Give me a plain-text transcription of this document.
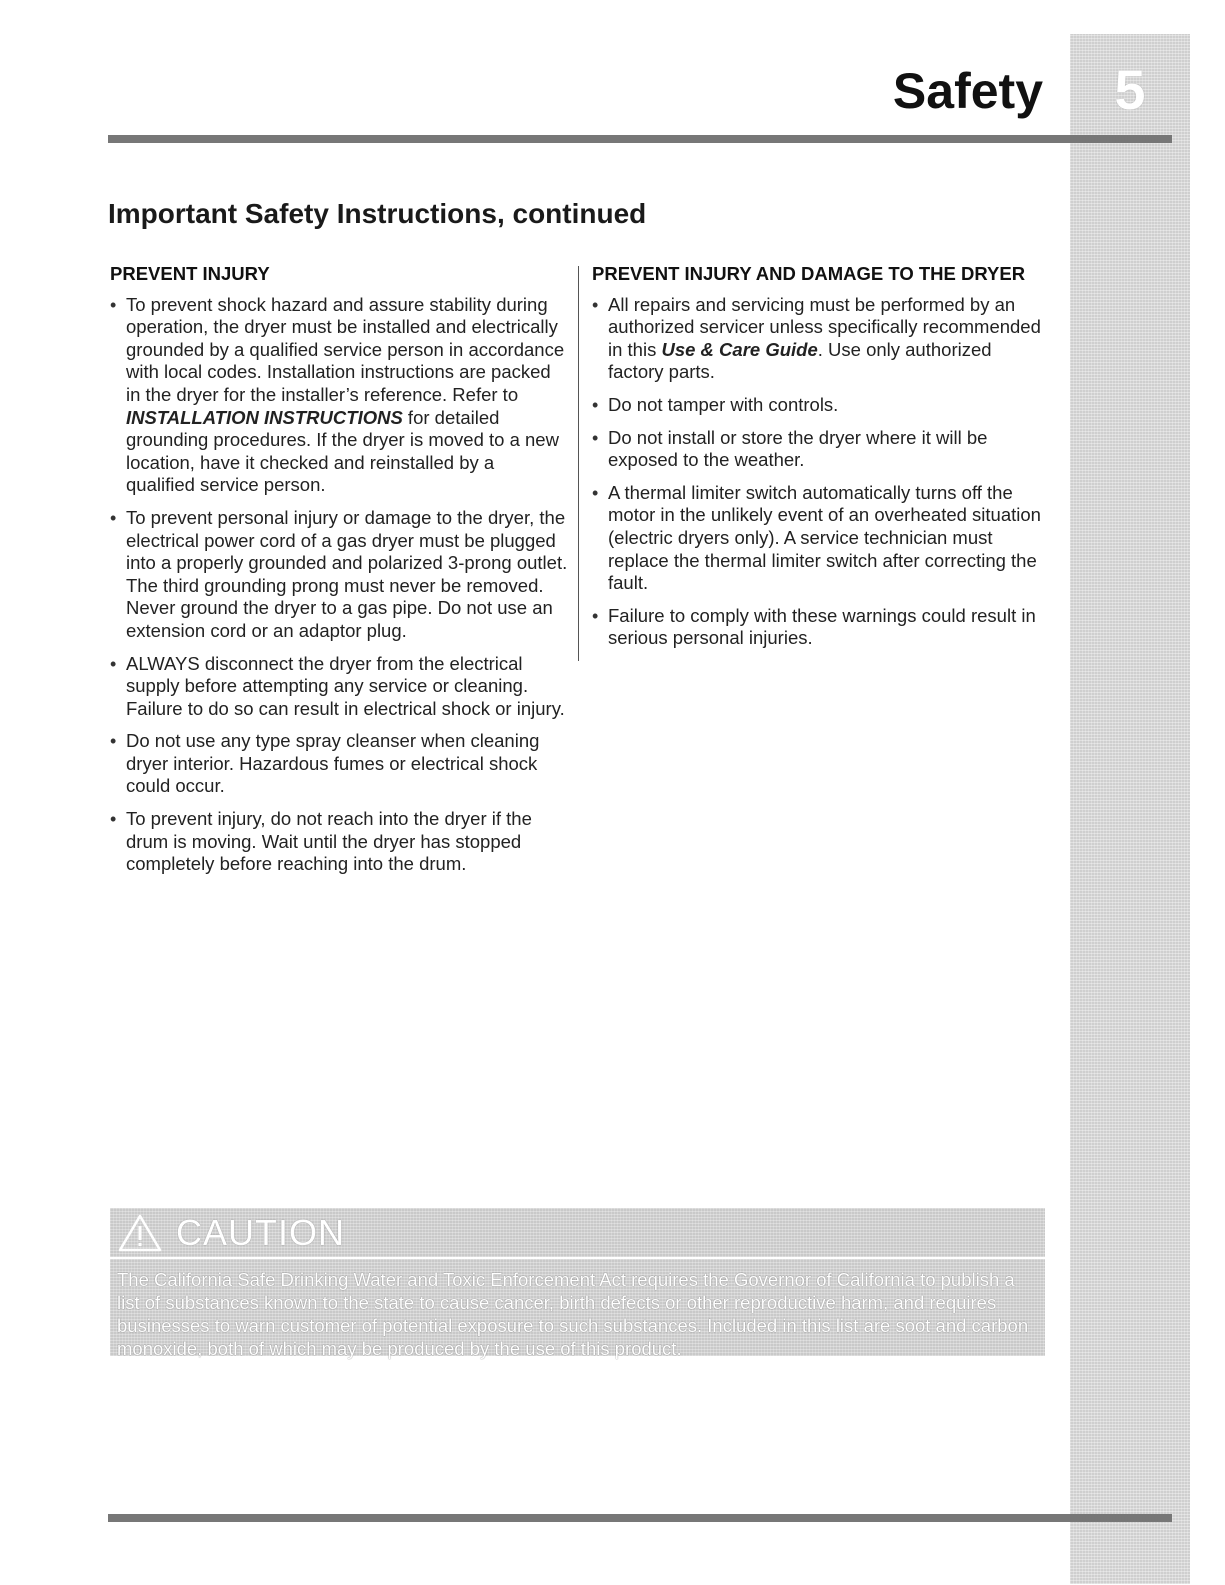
5
Safety
Important Safety Instructions, continued
PREVENT INJURY
• To prevent shock hazard and assure stability during operation, the dryer must be installed and electrically grounded by a qualified service person in accordance with local codes. Installation instructions are packed in the dryer for the installer’s reference. Refer to INSTALLATION INSTRUCTIONS for detailed grounding procedures. If the dryer is moved to a new location, have it checked and reinstalled by a qualified service person.
• To prevent personal injury or damage to the dryer, the electrical power cord of a gas dryer must be plugged into a properly grounded and polarized 3-prong outlet. The third grounding prong must never be removed. Never ground the dryer to a gas pipe. Do not use an extension cord or an adaptor plug.
• ALWAYS disconnect the dryer from the electrical supply before attempting any service or cleaning. Failure to do so can result in electrical shock or injury.
• Do not use any type spray cleanser when cleaning dryer interior. Hazardous fumes or electrical shock could occur.
• To prevent injury, do not reach into the dryer if the drum is moving. Wait until the dryer has stopped completely before reaching into the drum.
PREVENT INJURY AND DAMAGE TO THE DRYER
• All repairs and servicing must be performed by an authorized servicer unless specifically recommended in this Use & Care Guide. Use only authorized factory parts.
• Do not tamper with controls.
• Do not install or store the dryer where it will be exposed to the weather.
• A thermal limiter switch automatically turns off the motor in the unlikely event of an overheated situation (electric dryers only). A service technician must replace the thermal limiter switch after correcting the fault.
• Failure to comply with these warnings could result in serious personal injuries.
CAUTION
The California Safe Drinking Water and Toxic Enforcement Act requires the Governor of California to publish a list of substances known to the state to cause cancer, birth defects or other reproductive harm, and requires businesses to warn customer of potential exposure to such substances. Included in this list are soot and carbon monoxide, both of which may be produced by the use of this product.
